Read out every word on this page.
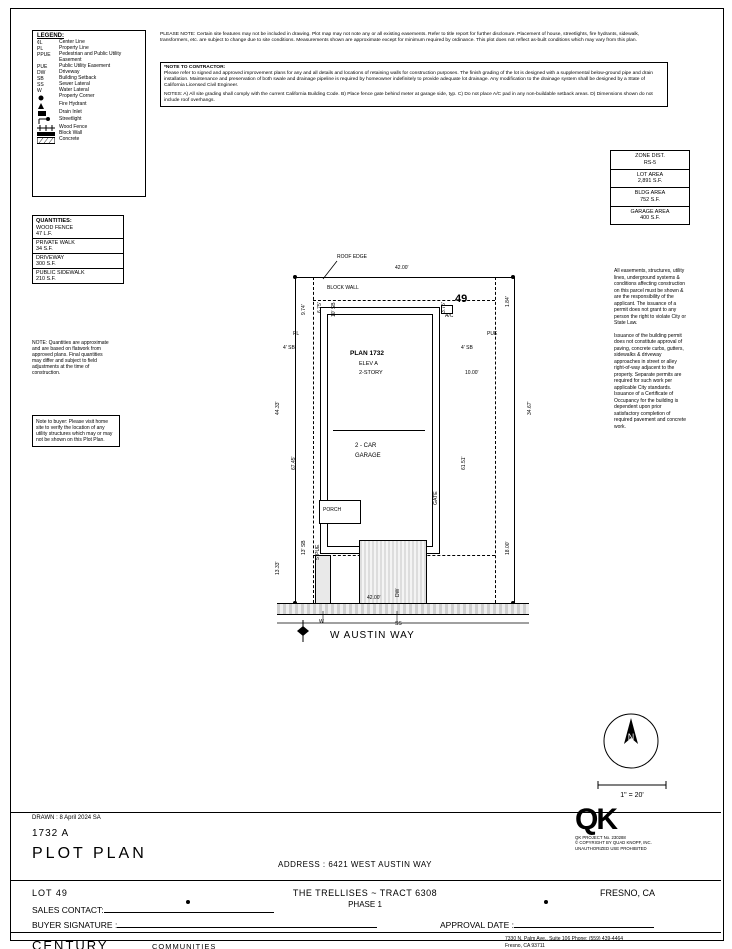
LEGEND:
¢L	Center Line
PL	Property Line
PPUE	Pedestrian and Public Utility Easement
PUE	Public Utility Easement
DW	Driveway
SB	Building Setback
SS	Sewer Lateral
W	Water Lateral
Property Corner
Fire Hydrant
Drain Inlet
Streetlight
Wood Fence
Block Wall
Concrete
QUANTITIES:
WOOD FENCE
47 L.F.
PRIVATE WALK
34 S.F.
DRIVEWAY
300 S.F.
PUBLIC SIDEWALK
210 S.F.
NOTE: Quantities are approximate and are based on flatwork from approved plans. Final quantities may differ and subject to field adjustments at the time of construction.
Note to buyer: Please visit home site to verify the location of any utility structures which may or may not be shown on this Plot Plan.
PLEASE NOTE: Certain site features may not be included in drawing. Plot map may not note any or all existing easements. Refer to title report for further disclosure. Placement of house, streetlights, fire hydrants, sidewalk, transformers, etc. are subject to change due to site conditions. Measurements shown are approximate except for minimum required by ordinance. This plot does not reflect as-built conditions which may vary from this plan.
*NOTE TO CONTRACTOR:
Please refer to signed and approved improvement plans for any and all details and locations of retaining walls for construction purposes. The finish grading of the lot is designed with a supplemental below-ground pipe and drain installation. Maintenance and preservation of both swale and drainage pipeline is required by homeowner indefinitely to provide adequate lot drainage. Any modification to the drainage system shall be designed by a State of California Licensed Civil Engineer.
NOTES: A) All site grading shall comply with the current California Building Code. B) Place fence gate behind meter at garage side, typ. C) Do not place A/C pad in any non-buildable setback areas. D) Dimensions shown do not include roof overhangs.
ZONE DIST.
RS-5
LOT AREA
2,891 S.F.
BLDG AREA
752 S.F.
GARAGE AREA
400 S.F.
All easements, structures, utility lines, underground systems & conditions affecting construction on this parcel must be shown & are the responsibility of the applicant. The issuance of a permit does not grant to any person the right to violate City or State Law.
Issuance of the building permit does not constitute approval of paving, concrete curbs, gutters, sidewalks & driveway approaches in street or alley right-of-way adjacent to the property. Separate permits are required for such work per applicable City standards. Issuance of a Certificate of Occupancy for the building is dependent upon prior satisfactory completion of required pavement and concrete work.
ROOF EDGE
BLOCK WALL
PLAN 1732
ELEV A
2-STORY
2 - CAR
GARAGE
PORCH
GATE
A/C
49
42.00'
9.74' 6.75' 10' SB	3.75'
1.84'
4' SB
44.33'
67.45'
13.33'
13' SB 5' PUE
PL
4' SB
10.00'
34.67'
61.51'
18.00'
PUE
42.00'
DW
W	SS
W AUSTIN WAY
N
1" = 20'
QK
QK PROJECT No. 230288
© COPYRIGHT BY QUAD KNOPF, INC.
UNAUTHORIZED USE PROHIBITED
DRAWN : 8 April 2024 SA
1732 A
PLOT PLAN
ADDRESS : 6421 WEST AUSTIN WAY
LOT 49	THE TRELLISES ~ TRACT 6308
PHASE 1
FRESNO, CA
SALES CONTACT:
BUYER SIGNATURE :	APPROVAL DATE :
CENTURY	COMMUNITIES
7330 N. Palm Ave., Suite 106 Phone: (559) 439-4464
Fresno, CA 93711
